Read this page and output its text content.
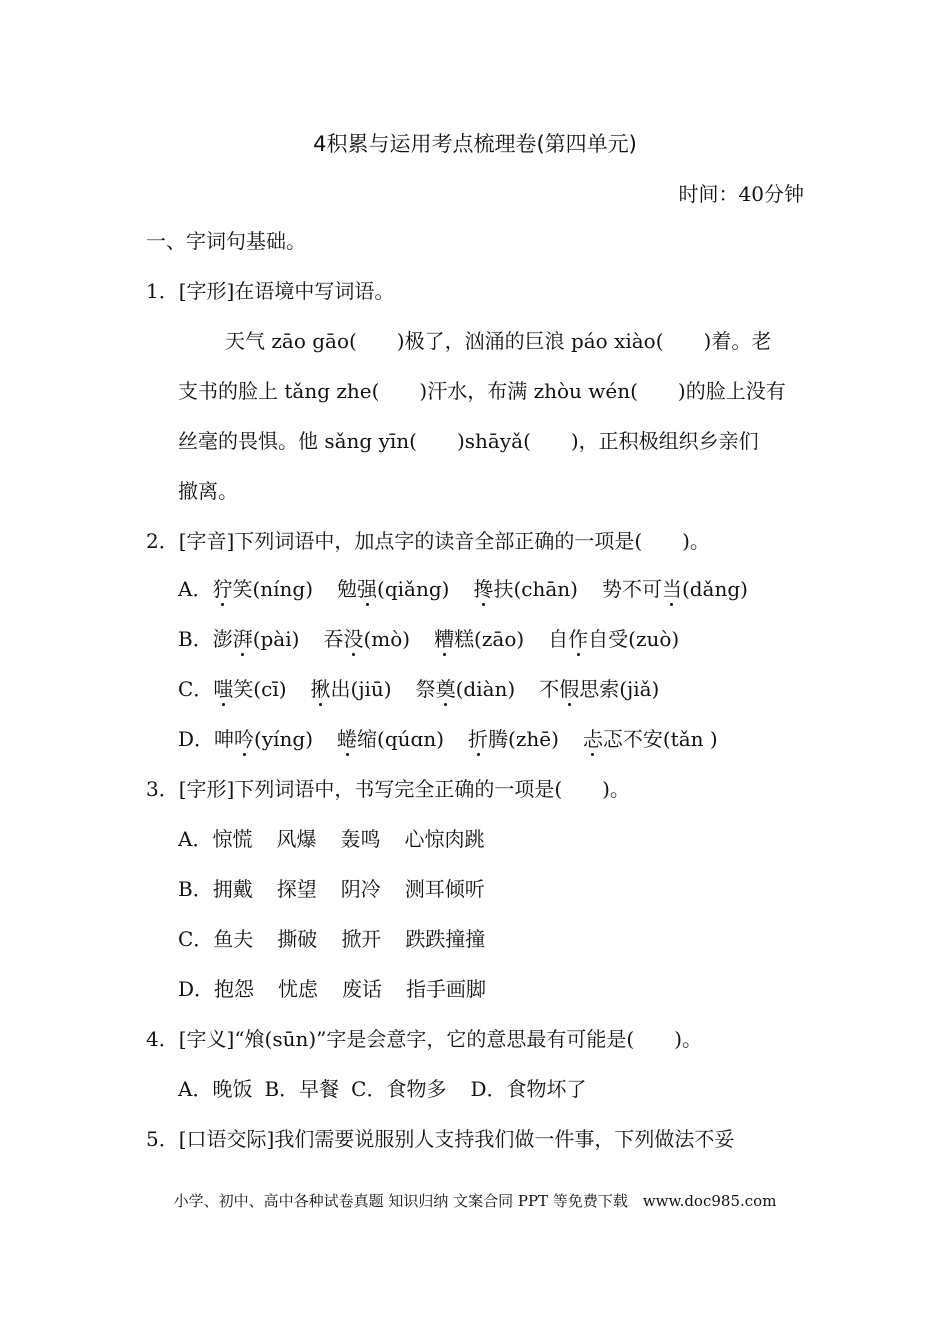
4积累与运用考点梳理卷(第四单元)
时间：40分钟
一、字词句基础。
1．[字形]在语境中写词语。
天气 zāo gāo( )极了，汹涌的巨浪 páo xiào( )着。老
支书的脸上 tǎng zhe( )汗水，布满 zhòu wén( )的脸上没有
丝毫的畏惧。他 sǎng yīn( )shāyǎ( )，正积极组织乡亲们
撤离。
2．[字音]下列词语中，加点字的读音全部正确的一项是(　　)。
A．狞笑(níng) 勉强(qiǎng) 搀扶(chān) 势不可当(dǎng)
B．澎湃(pài) 吞没(mò) 糟糕(zāo) 自作自受(zuò)
C．嗤笑(cī) 揪出(jiū) 祭奠(diàn) 不假思索(jiǎ)
D．呻吟(yíng) 蜷缩(qúɑn) 折腾(zhē) 忐忑不安(tǎn )
3．[字形]下列词语中，书写完全正确的一项是(　　)。
A．惊慌 风爆 轰鸣 心惊肉跳
B．拥戴 探望 阴冷 测耳倾听
C．鱼夫 撕破 掀开 跌跌撞撞
D．抱怨 忧虑 废话 指手画脚
4．[字义]“飧(sūn)”字是会意字，它的意思最有可能是(　　)。
A．晚饭 B．早餐 C．食物多 D．食物坏了
5．[口语交际]我们需要说服别人支持我们做一件事，下列做法不妥
小学、初中、高中各种试卷真题 知识归纳 文案合同 PPT 等免费下载　www.doc985.com
